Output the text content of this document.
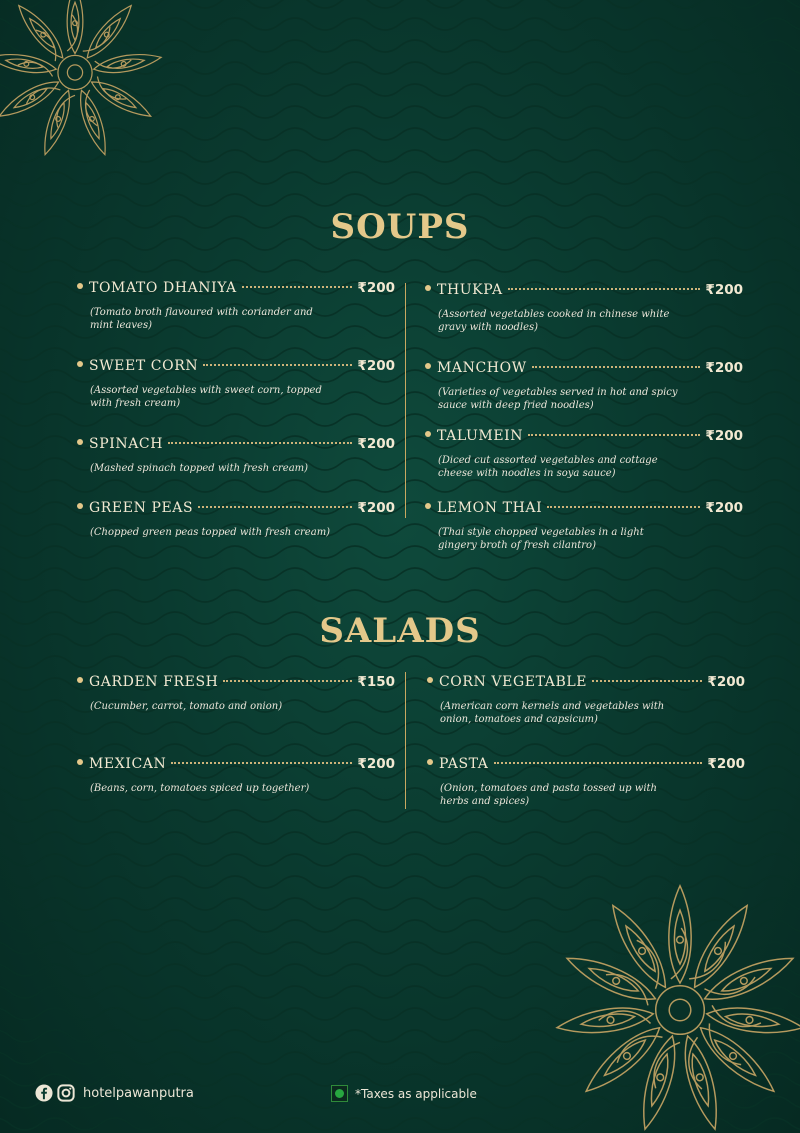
SOUPS
TOMATO DHANIYA	₹200
(Tomato broth flavoured with coriander and mint leaves)
SWEET CORN	₹200
(Assorted vegetables with sweet corn, topped with fresh cream)
SPINACH	₹200
(Mashed spinach topped with fresh cream)
GREEN PEAS	₹200
(Chopped green peas topped with fresh cream)
THUKPA	₹200
(Assorted vegetables cooked in chinese white gravy with noodles)
MANCHOW	₹200
(Varieties of vegetables served in hot and spicy sauce with deep fried noodles)
TALUMEIN	₹200
(Diced cut assorted vegetables and cottage cheese with noodles in soya sauce)
LEMON THAI	₹200
(Thai style chopped vegetables in a light gingery broth of fresh cilantro)
SALADS
GARDEN FRESH	₹150
(Cucumber, carrot, tomato and onion)
MEXICAN	₹200
(Beans, corn, tomatoes spiced up together)
CORN VEGETABLE	₹200
(American corn kernels and vegetables with onion, tomatoes and capsicum)
PASTA	₹200
(Onion, tomatoes and pasta tossed up with herbs and spices)
hotelpawanputra	*Taxes as applicable
